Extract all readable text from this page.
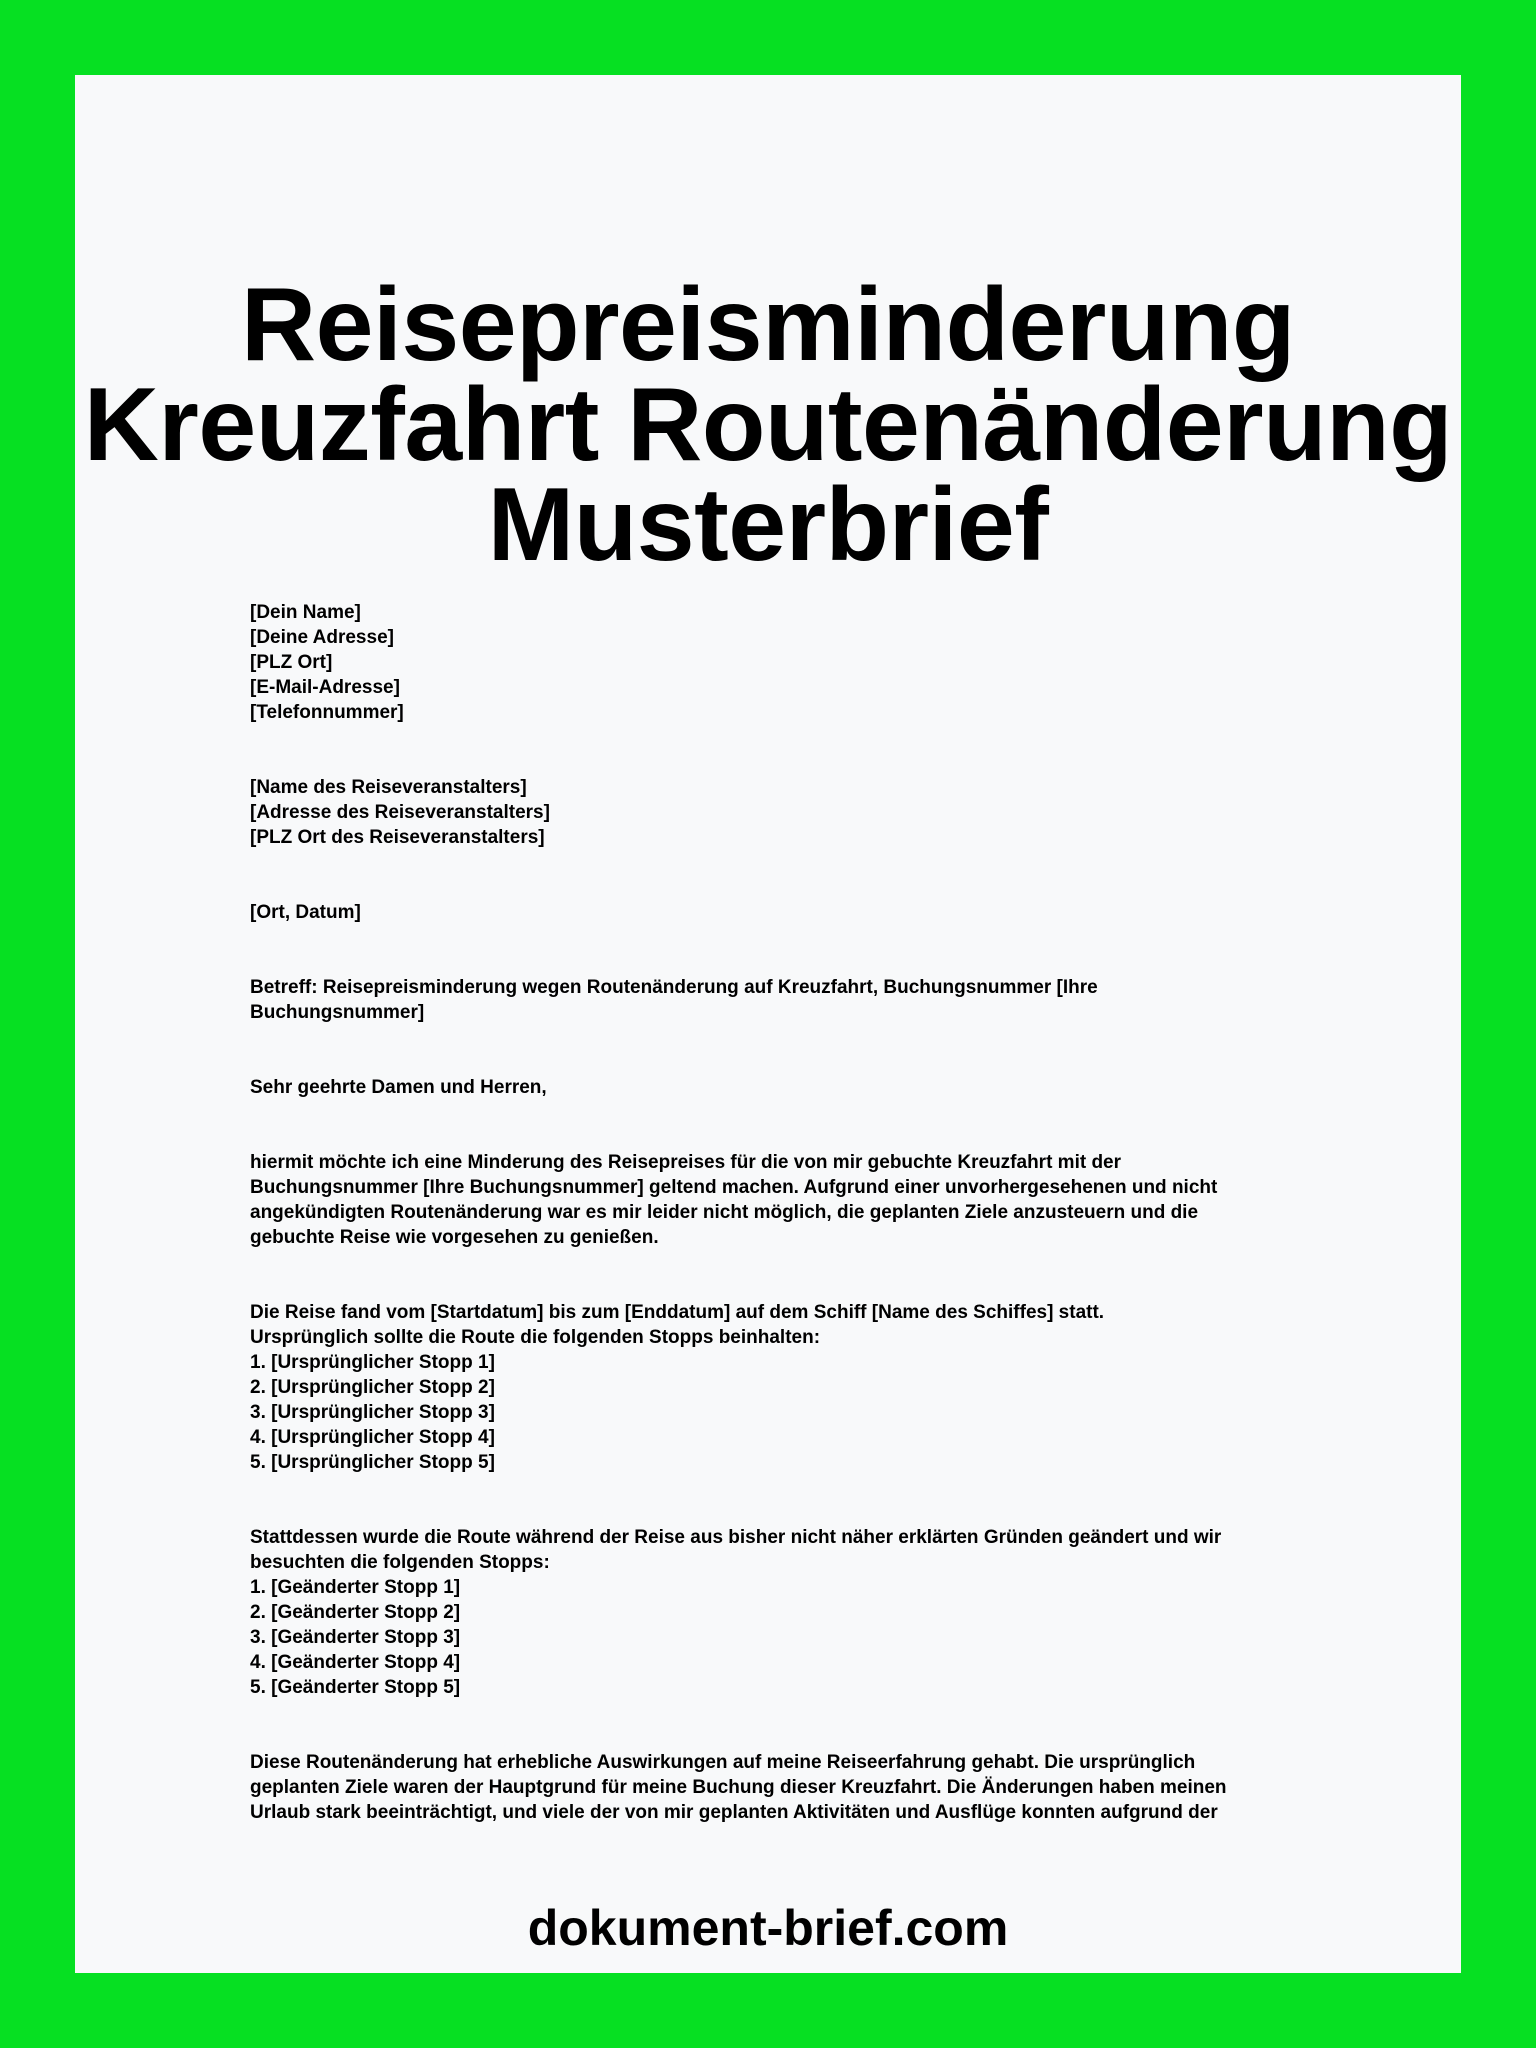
Reisepreisminderung
Kreuzfahrt Routenänderung
Musterbrief
[Dein Name]
[Deine Adresse]
[PLZ Ort]
[E-Mail-Adresse]
[Telefonnummer]
[Name des Reiseveranstalters]
[Adresse des Reiseveranstalters]
[PLZ Ort des Reiseveranstalters]
[Ort, Datum]
Betreff: Reisepreisminderung wegen Routenänderung auf Kreuzfahrt, Buchungsnummer [Ihre
Buchungsnummer]
Sehr geehrte Damen und Herren,
hiermit möchte ich eine Minderung des Reisepreises für die von mir gebuchte Kreuzfahrt mit der
Buchungsnummer [Ihre Buchungsnummer] geltend machen. Aufgrund einer unvorhergesehenen und nicht
angekündigten Routenänderung war es mir leider nicht möglich, die geplanten Ziele anzusteuern und die
gebuchte Reise wie vorgesehen zu genießen.
Die Reise fand vom [Startdatum] bis zum [Enddatum] auf dem Schiff [Name des Schiffes] statt.
Ursprünglich sollte die Route die folgenden Stopps beinhalten:
1. [Ursprünglicher Stopp 1]
2. [Ursprünglicher Stopp 2]
3. [Ursprünglicher Stopp 3]
4. [Ursprünglicher Stopp 4]
5. [Ursprünglicher Stopp 5]
Stattdessen wurde die Route während der Reise aus bisher nicht näher erklärten Gründen geändert und wir
besuchten die folgenden Stopps:
1. [Geänderter Stopp 1]
2. [Geänderter Stopp 2]
3. [Geänderter Stopp 3]
4. [Geänderter Stopp 4]
5. [Geänderter Stopp 5]
Diese Routenänderung hat erhebliche Auswirkungen auf meine Reiseerfahrung gehabt. Die ursprünglich
geplanten Ziele waren der Hauptgrund für meine Buchung dieser Kreuzfahrt. Die Änderungen haben meinen
Urlaub stark beeinträchtigt, und viele der von mir geplanten Aktivitäten und Ausflüge konnten aufgrund der
dokument-brief.com
